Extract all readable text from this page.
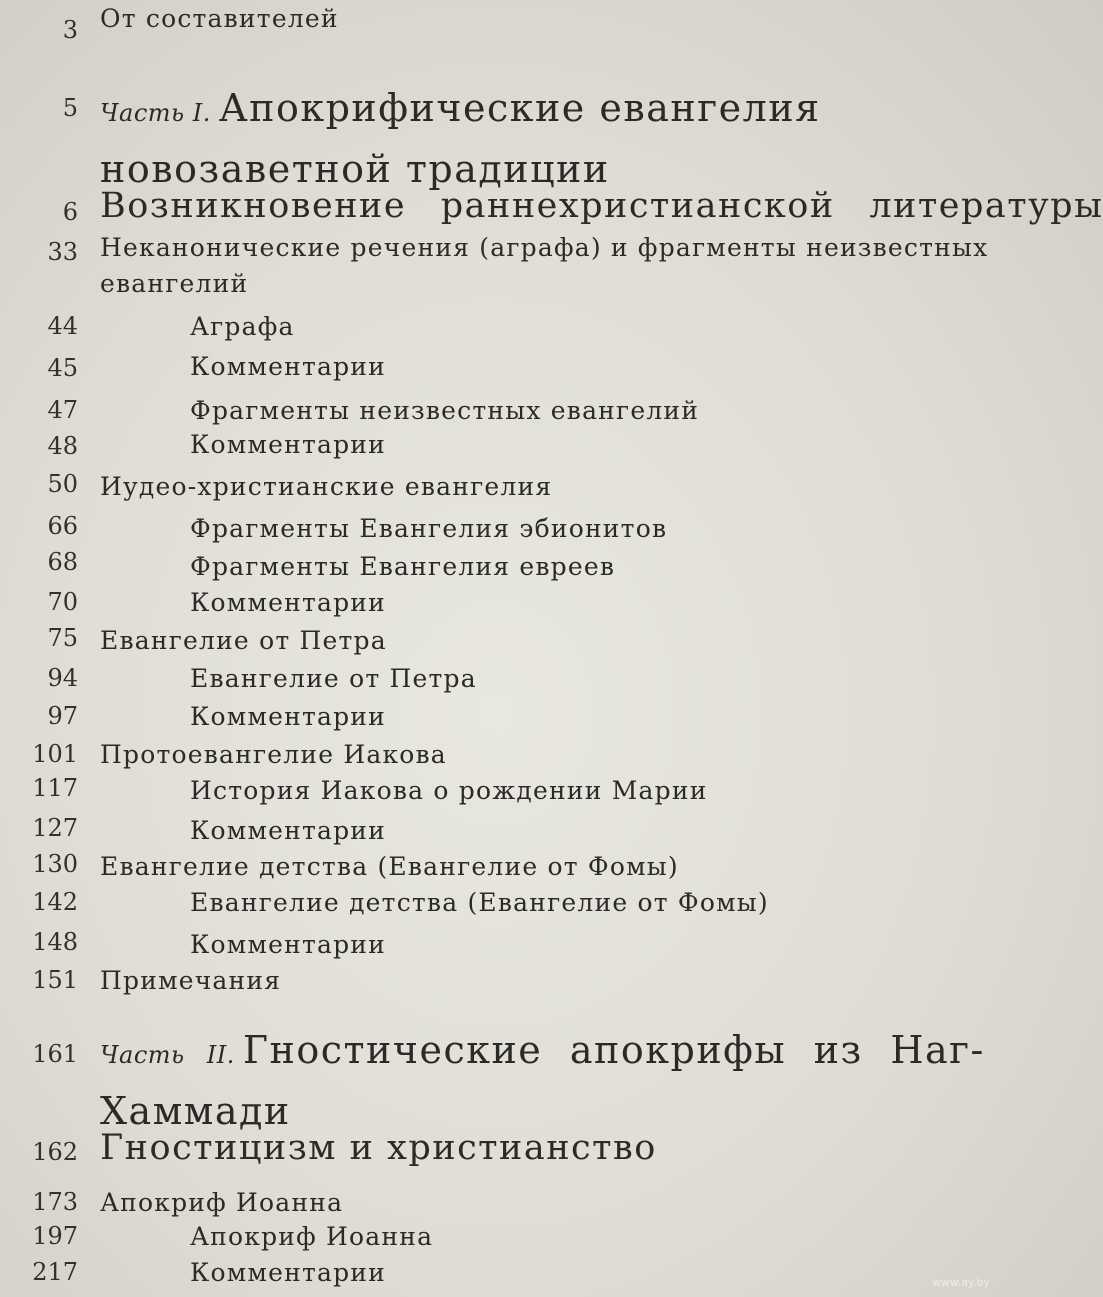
3 От составителей
5 Часть I. Апокрифические евангелия
новозаветной традиции
6 Возникновение раннехристианской литературы
33 Неканонические речения (аграфа) и фрагменты неизвестных
евангелий
44	Аграфа
45	Комментарии
47	Фрагменты неизвестных евангелий
48	Комментарии
50 Иудео-христианские евангелия
66	Фрагменты Евангелия эбионитов
68	Фрагменты Евангелия евреев
70	Комментарии
75 Евангелие от Петра
94	Евангелие от Петра
97	Комментарии
101 Протоевангелие Иакова
117	История Иакова о рождении Марии
127	Комментарии
130 Евангелие детства (Евангелие от Фомы)
142	Евангелие детства (Евангелие от Фомы)
148	Комментарии
151 Примечания
161 Часть II. Гностические апокрифы из Наг-
Хаммади
162 Гностицизм и христианство
173 Апокриф Иоанна
197	Апокриф Иоанна
217	Комментарии	www.ay.by
